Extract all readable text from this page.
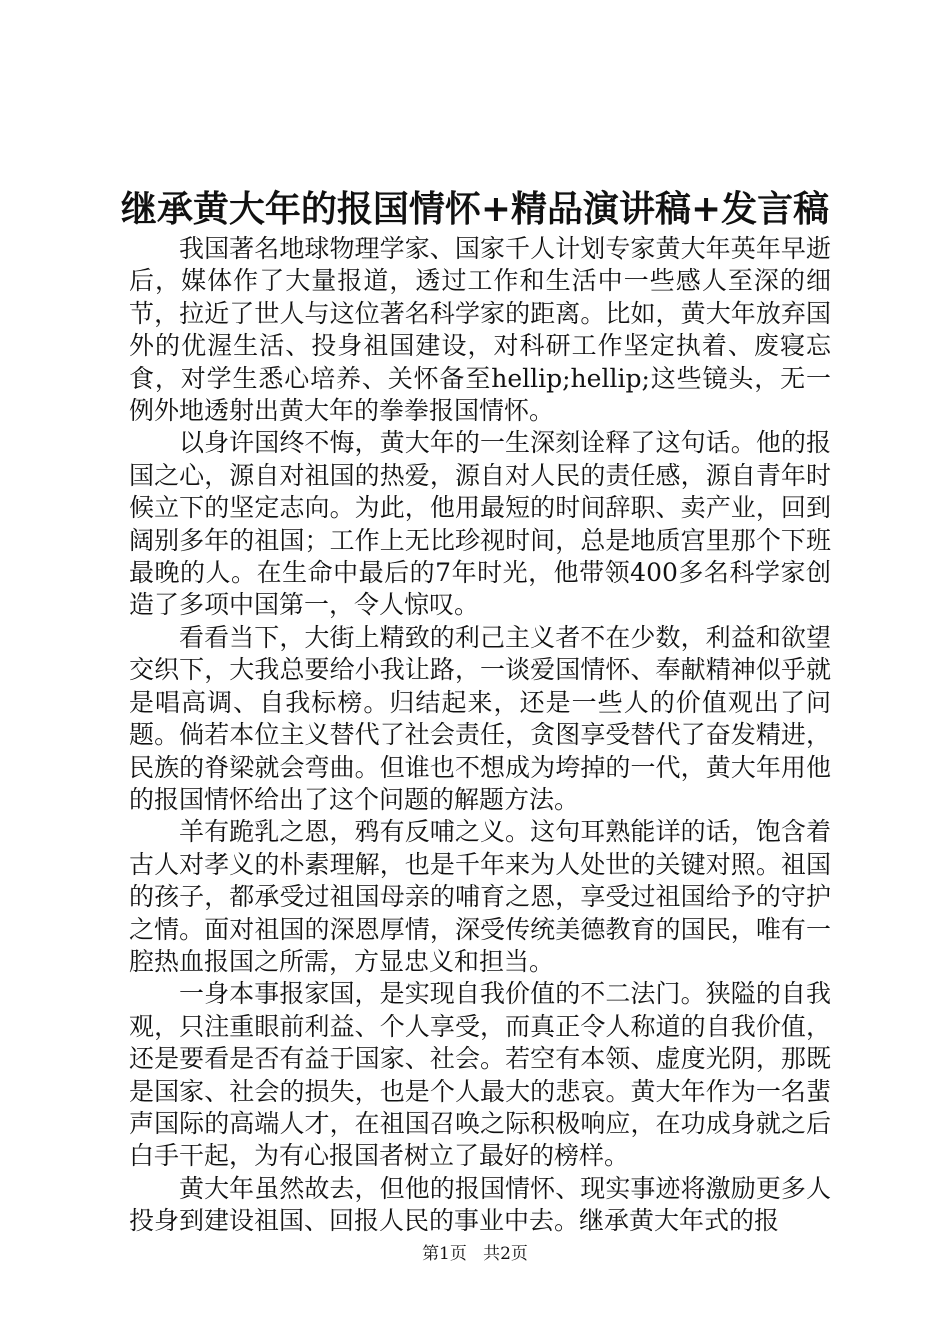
继承黄大年的报国情怀+精品演讲稿+发言稿

我国著名地球物理学家、国家千人计划专家黄大年英年早逝后，媒体作了大量报道，透过工作和生活中一些感人至深的细节，拉近了世人与这位著名科学家的距离。比如，黄大年放弃国外的优渥生活、投身祖国建设，对科研工作坚定执着、废寝忘食，对学生悉心培养、关怀备至hellip;hellip;这些镜头，无一例外地透射出黄大年的拳拳报国情怀。

以身许国终不悔，黄大年的一生深刻诠释了这句话。他的报国之心，源自对祖国的热爱，源自对人民的责任感，源自青年时候立下的坚定志向。为此，他用最短的时间辞职、卖产业，回到阔别多年的祖国；工作上无比珍视时间，总是地质宫里那个下班最晚的人。在生命中最后的7年时光，他带领400多名科学家创造了多项中国第一，令人惊叹。

看看当下，大街上精致的利己主义者不在少数，利益和欲望交织下，大我总要给小我让路，一谈爱国情怀、奉献精神似乎就是唱高调、自我标榜。归结起来，还是一些人的价值观出了问题。倘若本位主义替代了社会责任，贪图享受替代了奋发精进，民族的脊梁就会弯曲。但谁也不想成为垮掉的一代，黄大年用他的报国情怀给出了这个问题的解题方法。

羊有跪乳之恩，鸦有反哺之义。这句耳熟能详的话，饱含着古人对孝义的朴素理解，也是千年来为人处世的关键对照。祖国的孩子，都承受过祖国母亲的哺育之恩，享受过祖国给予的守护之情。面对祖国的深恩厚情，深受传统美德教育的国民，唯有一腔热血报国之所需，方显忠义和担当。

一身本事报家国，是实现自我价值的不二法门。狭隘的自我观，只注重眼前利益、个人享受，而真正令人称道的自我价值，还是要看是否有益于国家、社会。若空有本领、虚度光阴，那既是国家、社会的损失，也是个人最大的悲哀。黄大年作为一名蜚声国际的高端人才，在祖国召唤之际积极响应，在功成身就之后白手干起，为有心报国者树立了最好的榜样。

黄大年虽然故去，但他的报国情怀、现实事迹将激励更多人投身到建设祖国、回报人民的事业中去。继承黄大年式的报

第1页 共2页
